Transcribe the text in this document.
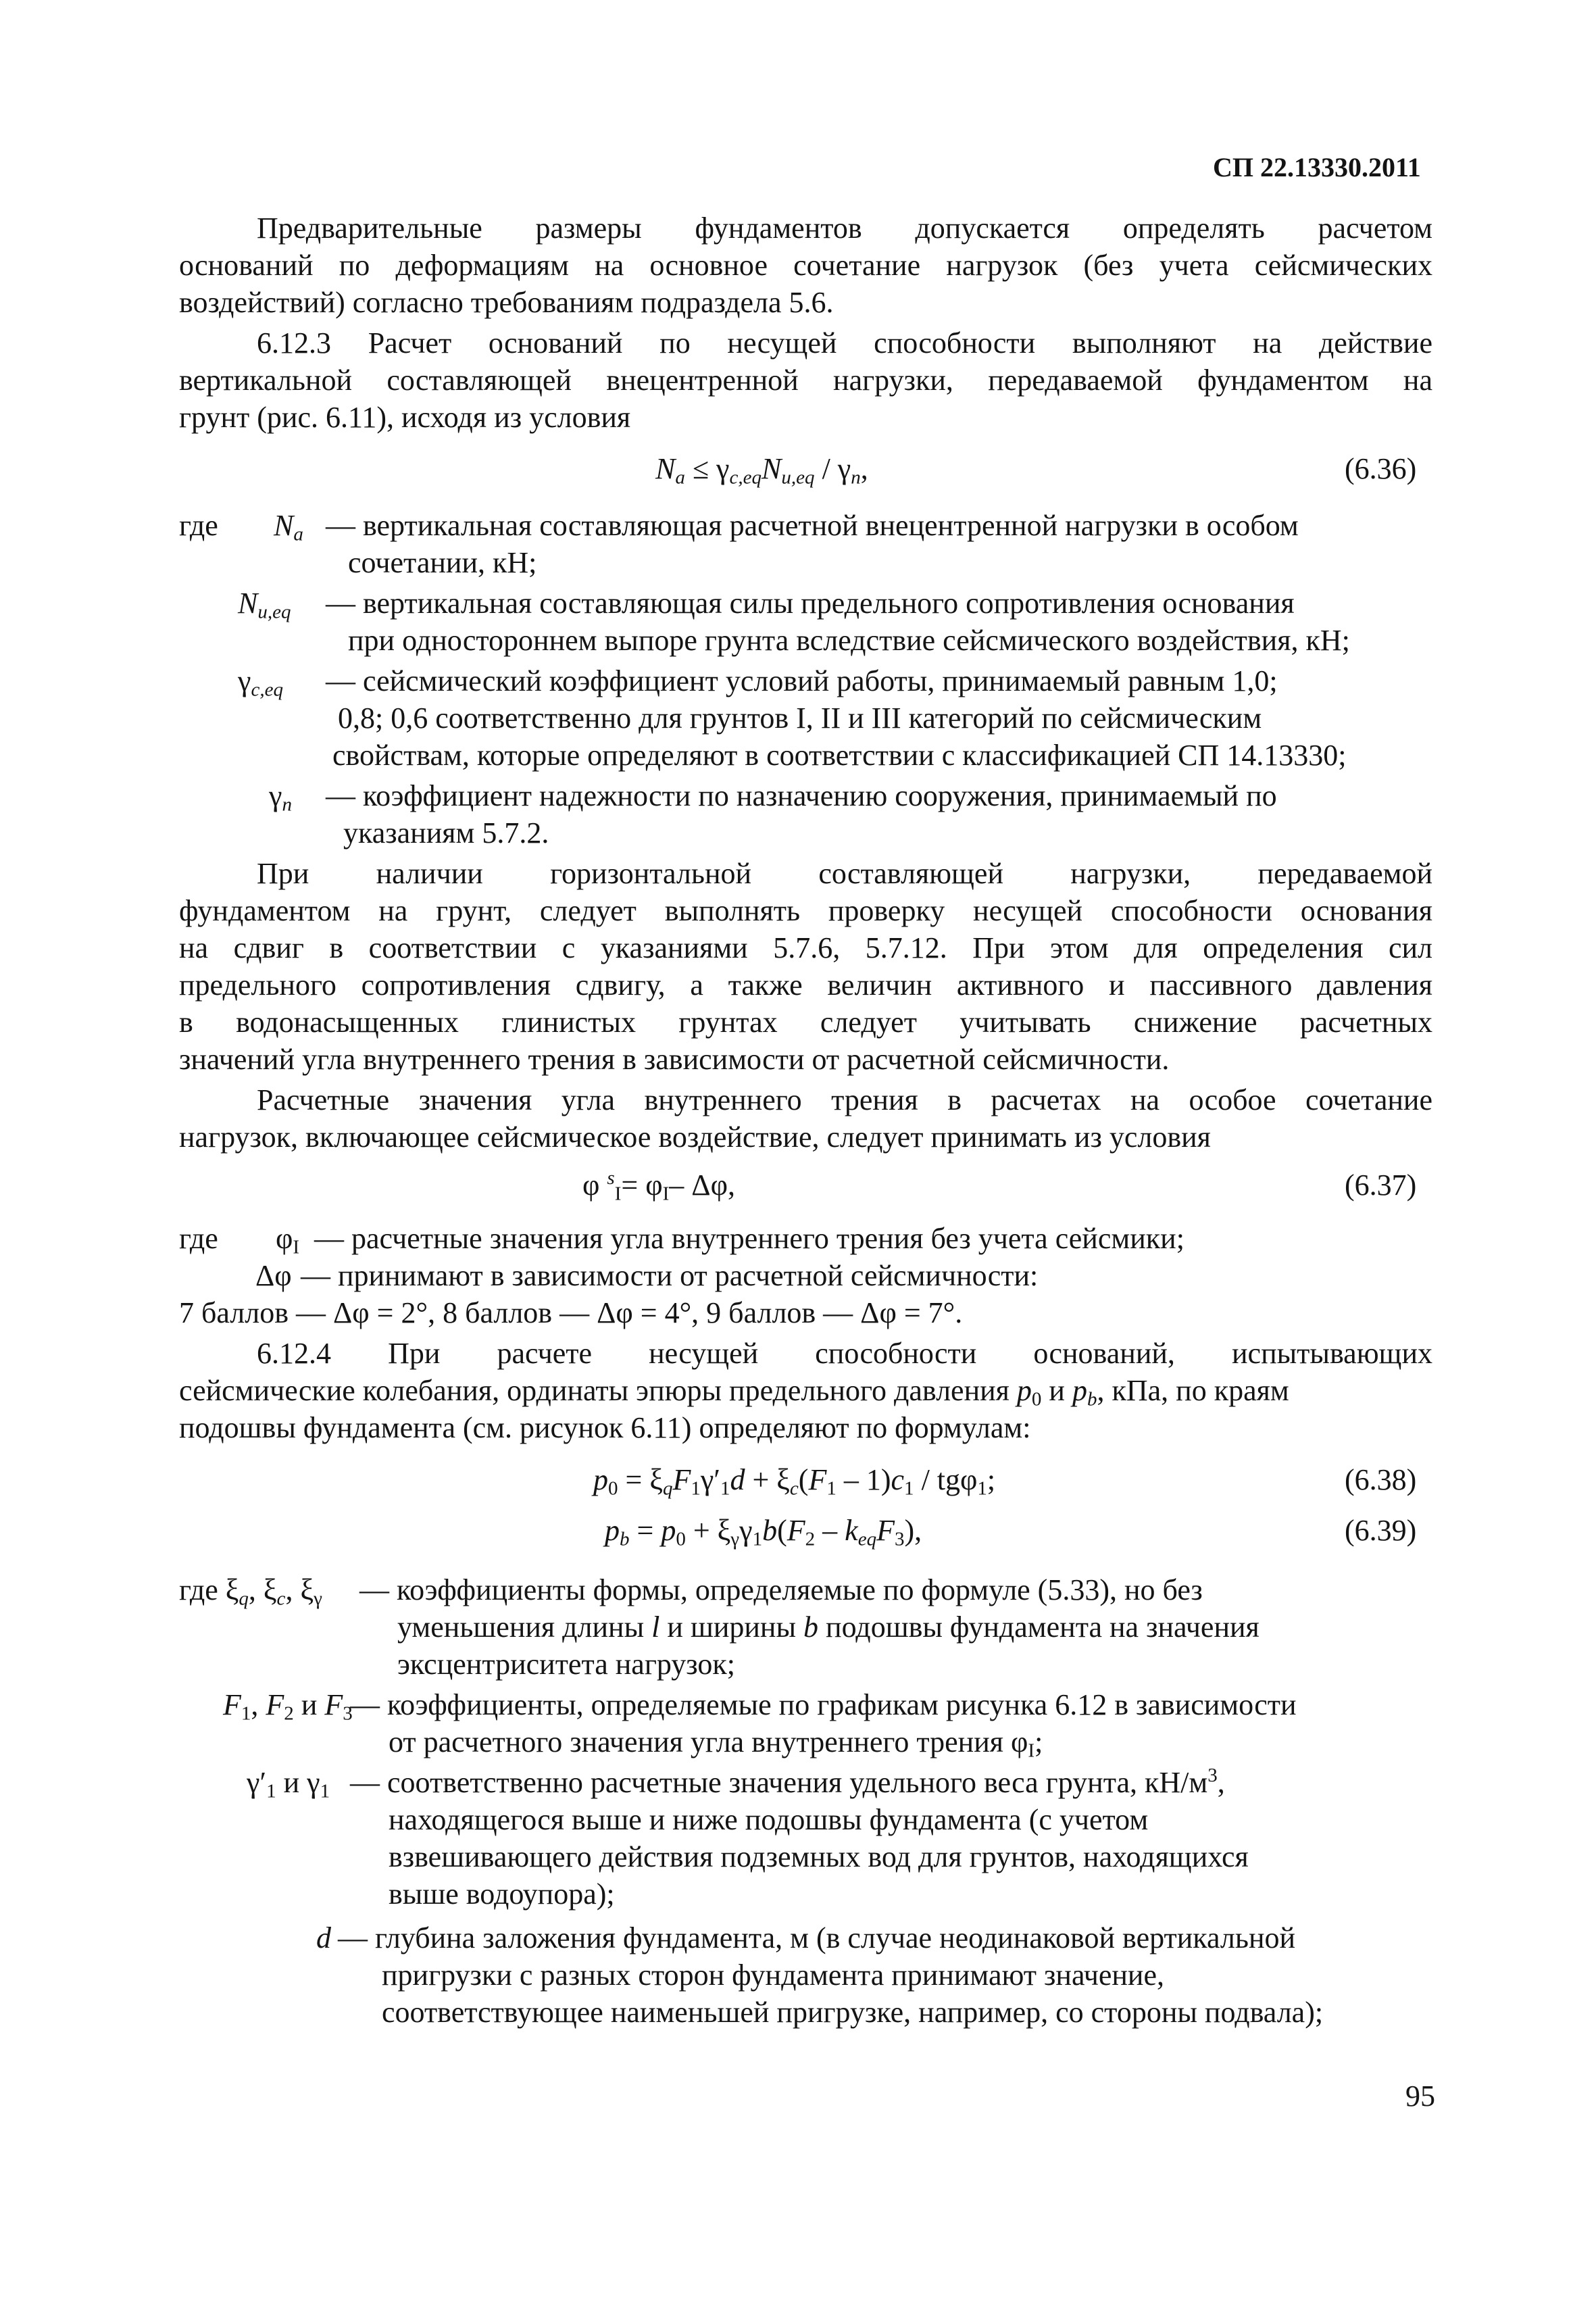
СП 22.13330.2011
Предварительные размеры фундаментов допускается определять расчетом
оснований по деформациям на основное сочетание нагрузок (без учета сейсмических
воздействий) согласно требованиям подраздела 5.6.
6.12.3 Расчет оснований по несущей способности выполняют на действие
вертикальной составляющей внецентренной нагрузки, передаваемой фундаментом на
грунт (рис. 6.11), исходя из условия
$N_a \le \gamma_{c,eq}N_{u,eq} / \gamma_n$,	(6.36)
где $N_a$ — вертикальная составляющая расчетной внецентренной нагрузки в особом
сочетании, кН;
$N_{u,eq}$ — вертикальная составляющая силы предельного сопротивления основания
при одностороннем выпоре грунта вследствие сейсмического воздействия, кН;
$\gamma_{c,eq}$ — сейсмический коэффициент условий работы, принимаемый равным 1,0;
0,8; 0,6 соответственно для грунтов I, II и III категорий по сейсмическим
свойствам, которые определяют в соответствии с классификацией СП 14.13330;
$\gamma_n$ — коэффициент надежности по назначению сооружения, принимаемый по
указаниям 5.7.2.
При наличии горизонтальной составляющей нагрузки, передаваемой
фундаментом на грунт, следует выполнять проверку несущей способности основания
на сдвиг в соответствии с указаниями 5.7.6, 5.7.12. При этом для определения сил
предельного сопротивления сдвигу, а также величин активного и пассивного давления
в водонасыщенных глинистых грунтах следует учитывать снижение расчетных
значений угла внутреннего трения в зависимости от расчетной сейсмичности.
Расчетные значения угла внутреннего трения в расчетах на особое сочетание
нагрузок, включающее сейсмическое воздействие, следует принимать из условия
φ $^s_I= \varphi_I-$ Δφ,	(6.37)
где $\varphi_I$ — расчетные значения угла внутреннего трения без учета сейсмики;
Δφ — принимают в зависимости от расчетной сейсмичности:
7 баллов — Δφ = 2°, 8 баллов — Δφ = 4°, 9 баллов — Δφ = 7°.
6.12.4 При расчете несущей способности оснований, испытывающих
сейсмические колебания, ординаты эпюры предельного давления $p_0$ и $p_b$, кПа, по краям
подошвы фундамента (см. рисунок 6.11) определяют по формулам:
$p_0 = \xi_qF_1\gamma'_1d + \xi_c(F_1 - 1)c_1 / tg\varphi_1$;	(6.38)
$p_b = p_0 + \xi_\gamma\gamma_1b(F_2 - k_{eq}F_3)$,	(6.39)
где $\xi_q$, $\xi_c$, $\xi_\gamma$ — коэффициенты формы, определяемые по формуле (5.33), но без
уменьшения длины l и ширины b подошвы фундамента на значения
эксцентриситета нагрузок;
$F_1$, $F_2$ и $F_3$
— коэффициенты, определяемые по графикам рисунка 6.12 в зависимости
от расчетного значения угла внутреннего трения $\varphi_I$;
$\gamma'_1$ и $\gamma_1$ — соответственно расчетные значения удельного веса грунта, $кН/м^3$,
находящегося выше и ниже подошвы фундамента (с учетом
взвешивающего действия подземных вод для грунтов, находящихся
выше водоупора);
d — глубина заложения фундамента, м (в случае неодинаковой вертикальной
пригрузки с разных сторон фундамента принимают значение,
соответствующее наименьшей пригрузке, например, со стороны подвала);
95
